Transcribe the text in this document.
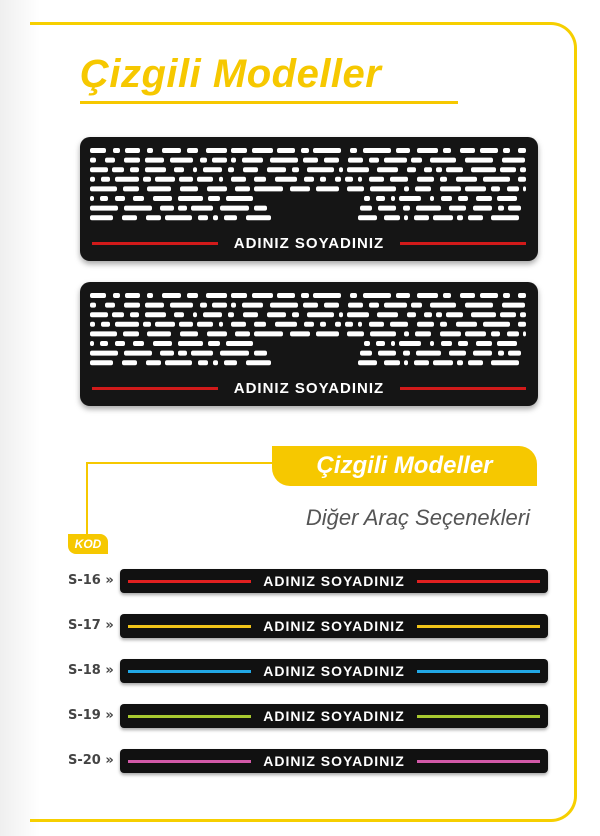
Çizgili Modeller
ADINIZ SOYADINIZ
ADINIZ SOYADINIZ
Çizgili Modeller
Diğer Araç Seçenekleri
KOD
S-16 »	ADINIZ SOYADINIZ
S-17 »	ADINIZ SOYADINIZ
S-18 »	ADINIZ SOYADINIZ
S-19 »	ADINIZ SOYADINIZ
S-20 »	ADINIZ SOYADINIZ
